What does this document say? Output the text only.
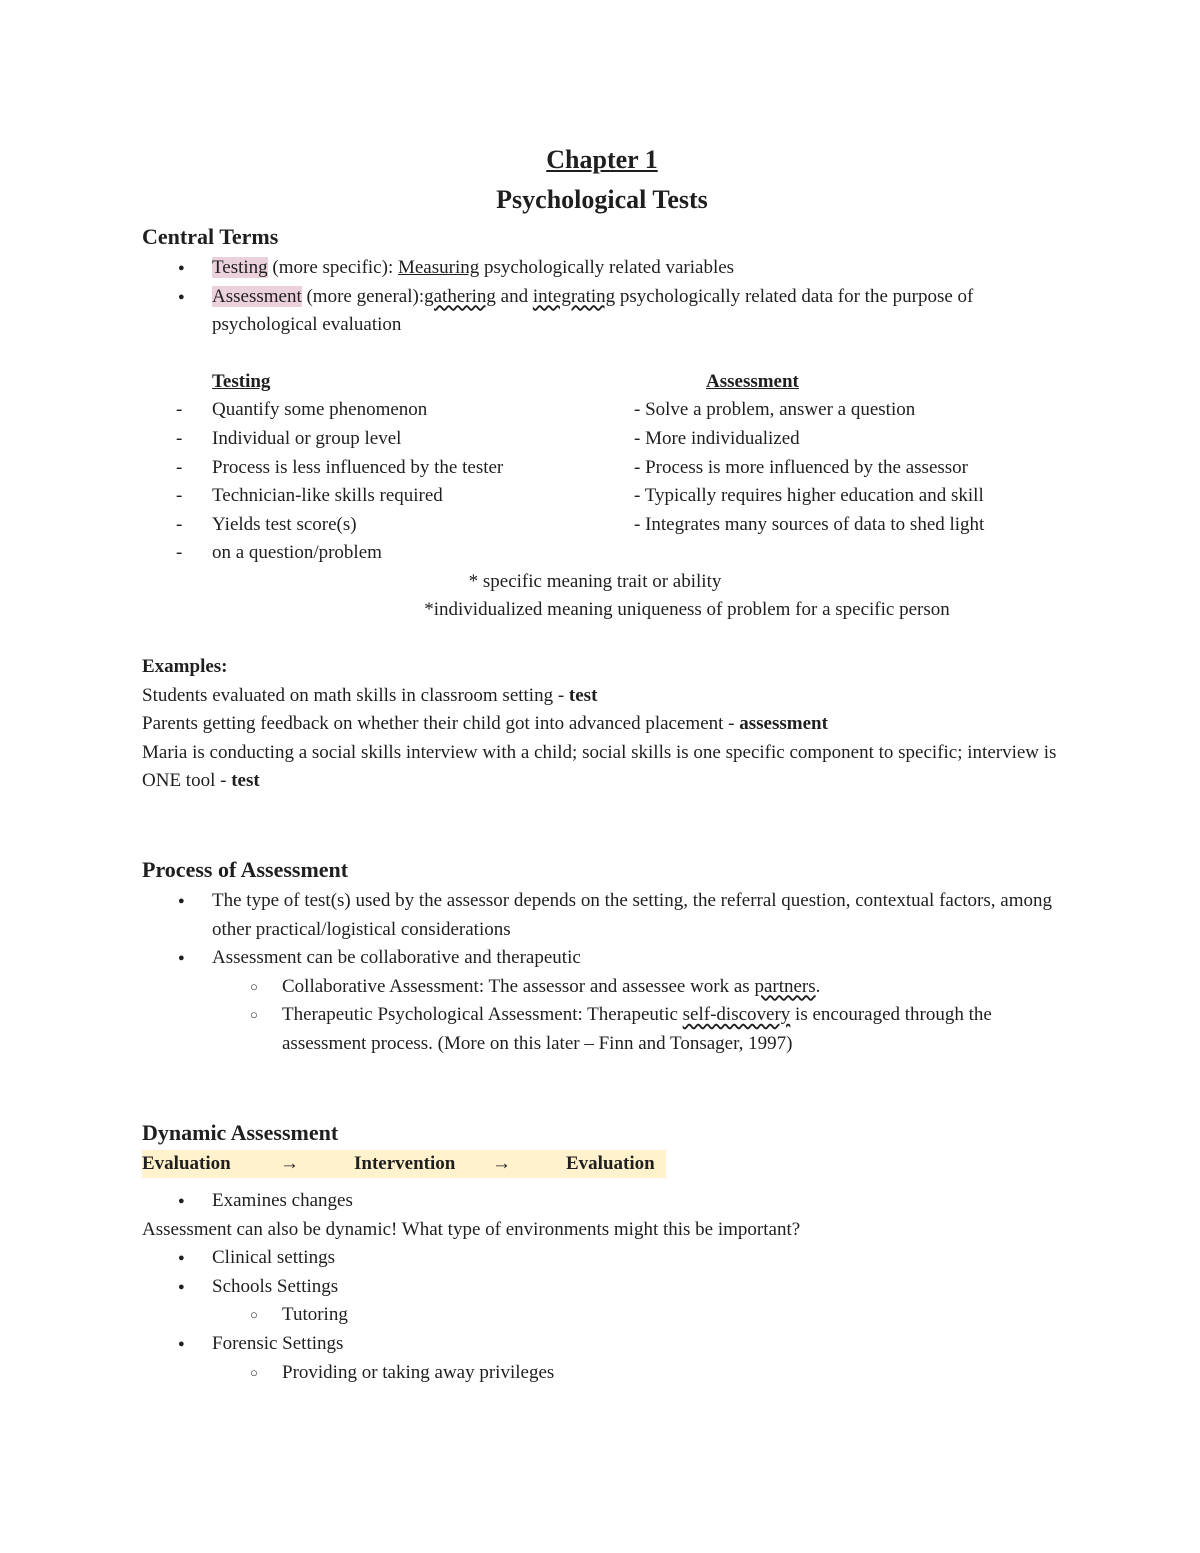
Chapter 1
Psychological Tests
Central Terms
● Testing (more specific): Measuring psychologically related variables
● Assessment (more general):gathering and integrating psychologically related data for the purpose of psychological evaluation
Testing	Assessment
- Quantify some phenomenon	- Solve a problem, answer a question
- Individual or group level	- More individualized
- Process is less influenced by the tester	- Process is more influenced by the assessor
- Technician-like skills required	- Typically requires higher education and skill
- Yields test score(s)	- Integrates many sources of data to shed light
- on a question/problem
* specific meaning trait or ability
*individualized meaning uniqueness of problem for a specific person
Examples:
Students evaluated on math skills in classroom setting - test
Parents getting feedback on whether their child got into advanced placement - assessment
Maria is conducting a social skills interview with a child; social skills is one specific component to specific; interview is ONE tool - test
Process of Assessment
● The type of test(s) used by the assessor depends on the setting, the referral question, contextual factors, among other practical/logistical considerations
● Assessment can be collaborative and therapeutic
○ Collaborative Assessment: The assessor and assessee work as partners.
○ Therapeutic Psychological Assessment: Therapeutic self-discovery is encouraged through the assessment process. (More on this later – Finn and Tonsager, 1997)
Dynamic Assessment
Evaluation	→	Intervention →	Evaluation
● Examines changes
Assessment can also be dynamic! What type of environments might this be important?
● Clinical settings
● Schools Settings
○ Tutoring
● Forensic Settings
○ Providing or taking away privileges
